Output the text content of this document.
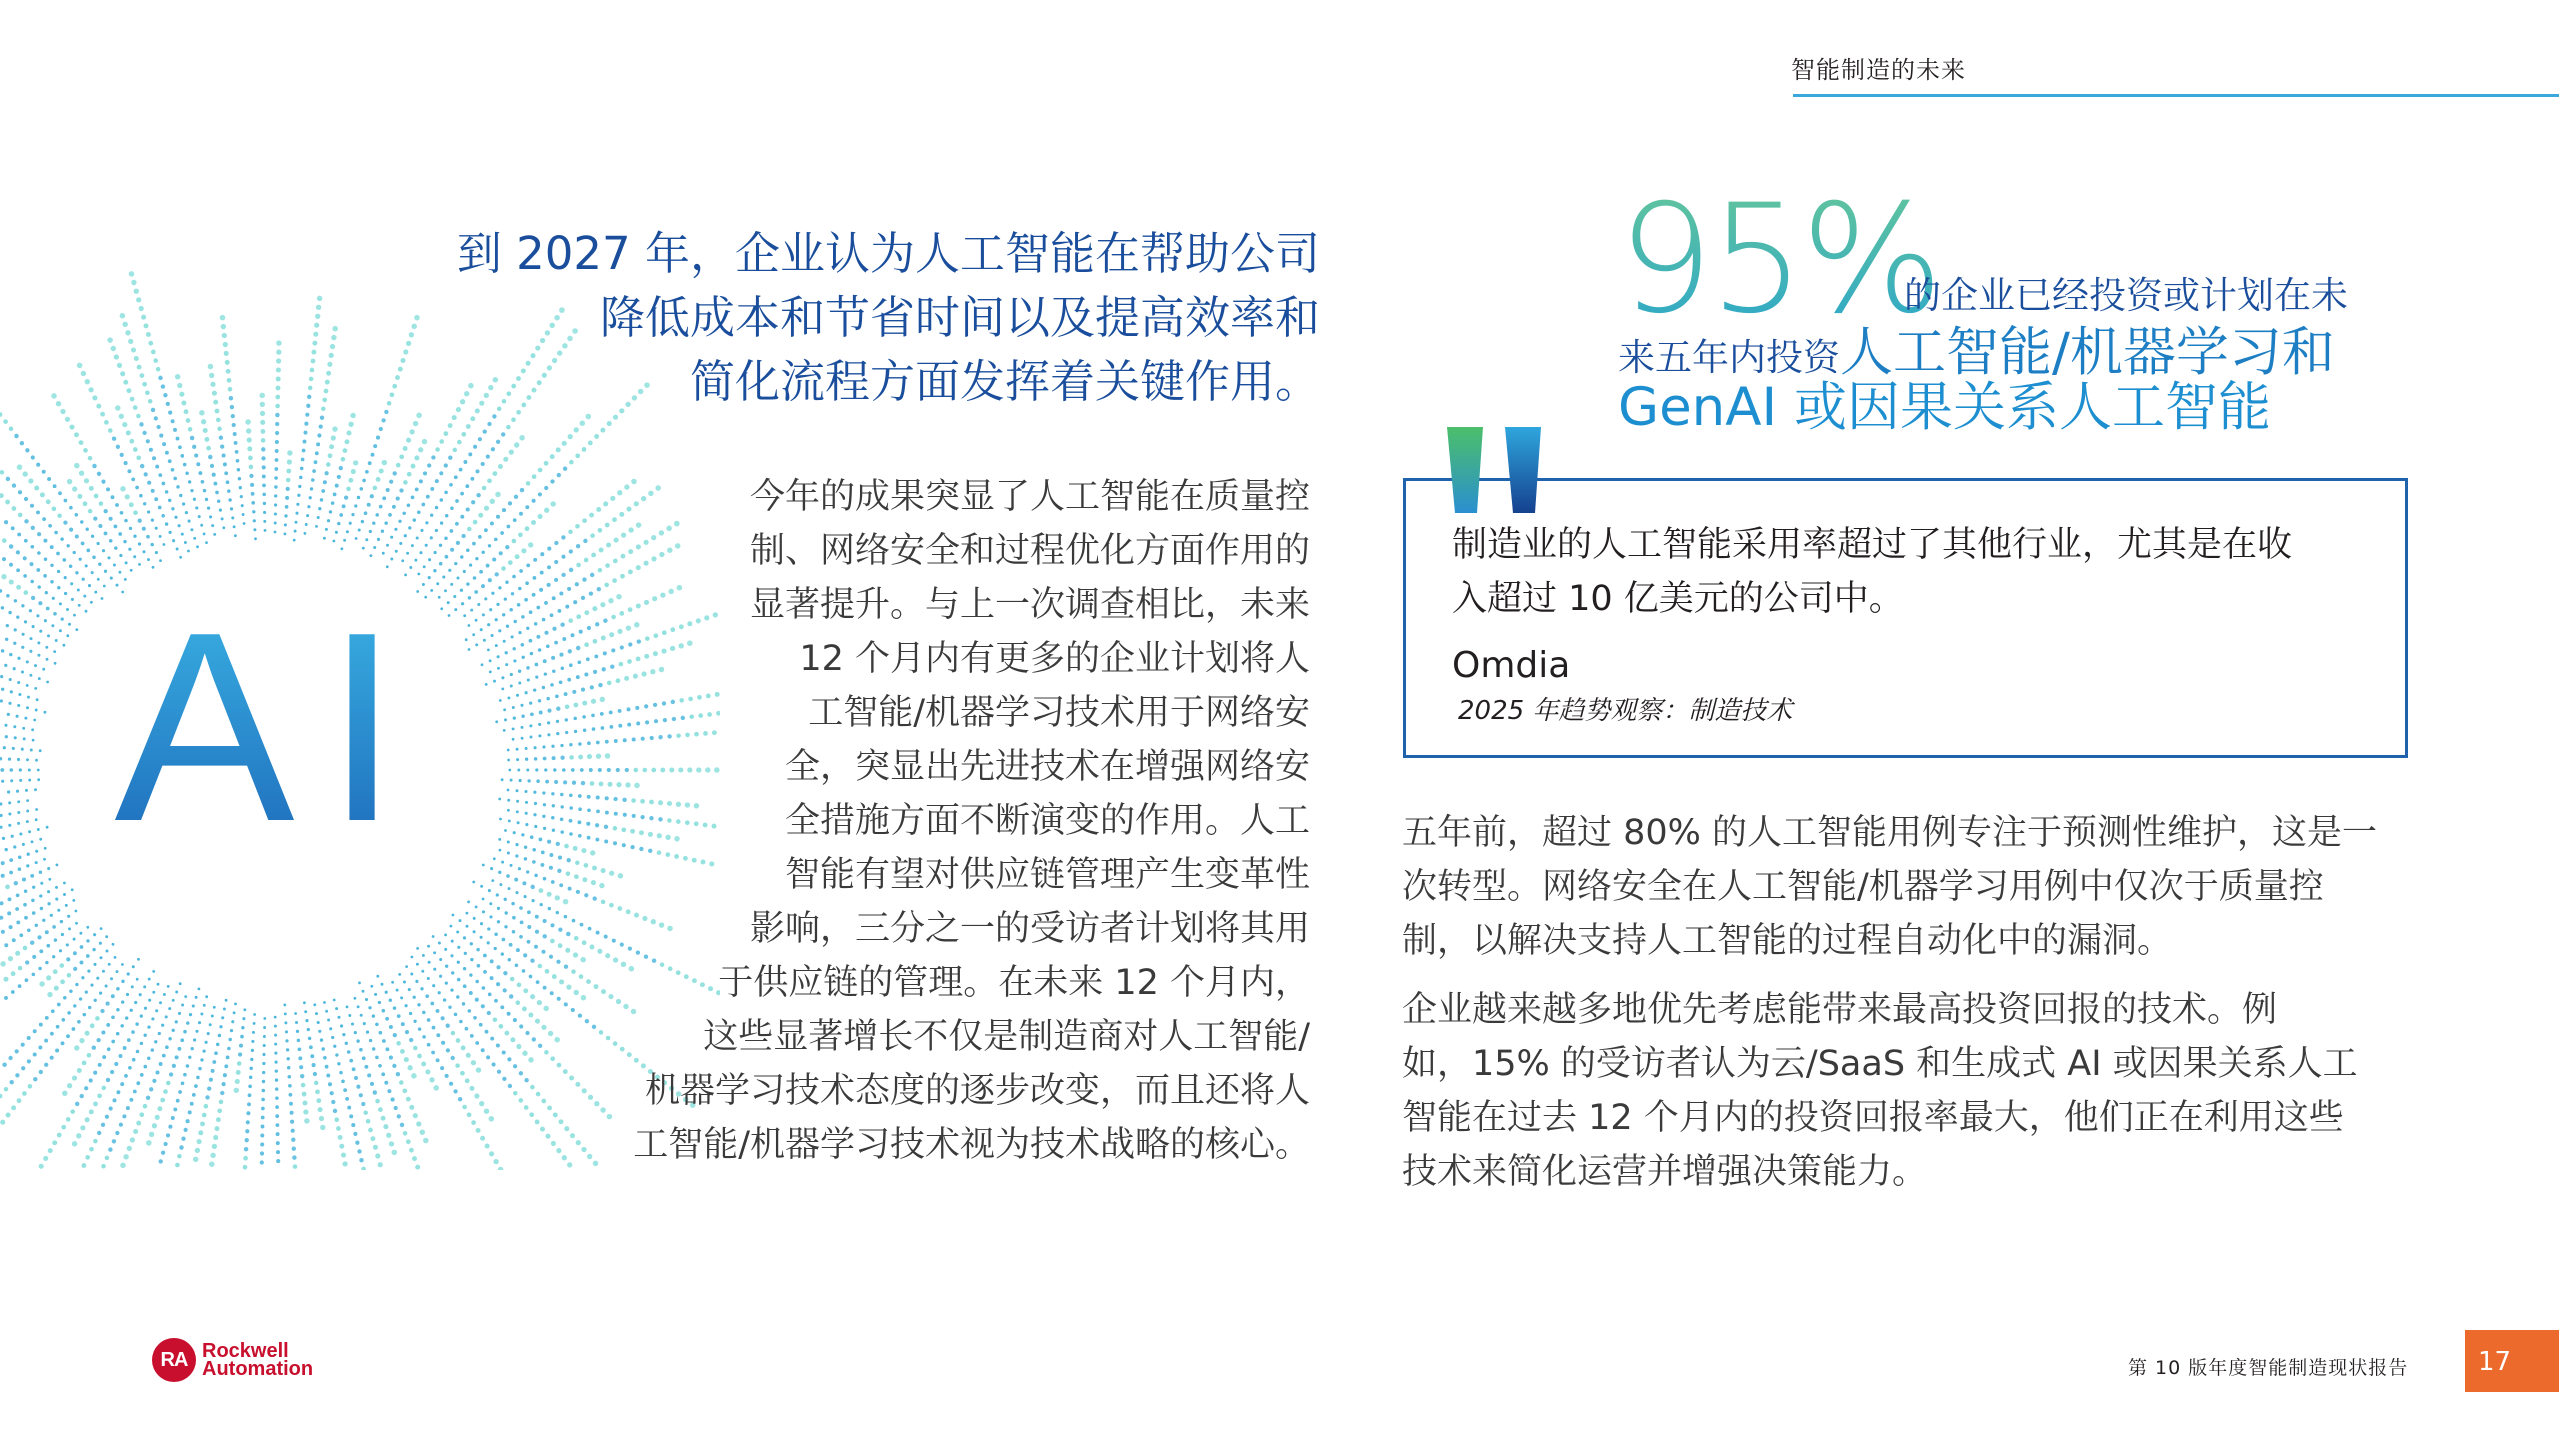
智能制造的未来
AI
到 2027 年，企业认为人工智能在帮助公司
降低成本和节省时间以及提高效率和
简化流程方面发挥着关键作用。
今年的成果突显了人工智能在质量控
制、网络安全和过程优化方面作用的
显著提升。与上一次调查相比，未来
12 个月内有更多的企业计划将人
工智能/机器学习技术用于网络安
全，突显出先进技术在增强网络安
全措施方面不断演变的作用。人工
智能有望对供应链管理产生变革性
影响，三分之一的受访者计划将其用
于供应链的管理。在未来 12 个月内，
这些显著增长不仅是制造商对人工智能/
机器学习技术态度的逐步改变，而且还将人
工智能/机器学习技术视为技术战略的核心。
95%
的企业已经投资或计划在未
来五年内投资人工智能/机器学习和
GenAI 或因果关系人工智能
制造业的人工智能采用率超过了其他行业，尤其是在收
入超过 10 亿美元的公司中。
Omdia
2025 年趋势观察：制造技术
五年前，超过 80% 的人工智能用例专注于预测性维护，这是一
次转型。网络安全在人工智能/机器学习用例中仅次于质量控
制，以解决支持人工智能的过程自动化中的漏洞。
企业越来越多地优先考虑能带来最高投资回报的技术。例
如，15% 的受访者认为云/SaaS 和生成式 AI 或因果关系人工
智能在过去 12 个月内的投资回报率最大，他们正在利用这些
技术来简化运营并增强决策能力。
RA Rockwell
Automation	第 10 版年度智能制造现状报告	17
